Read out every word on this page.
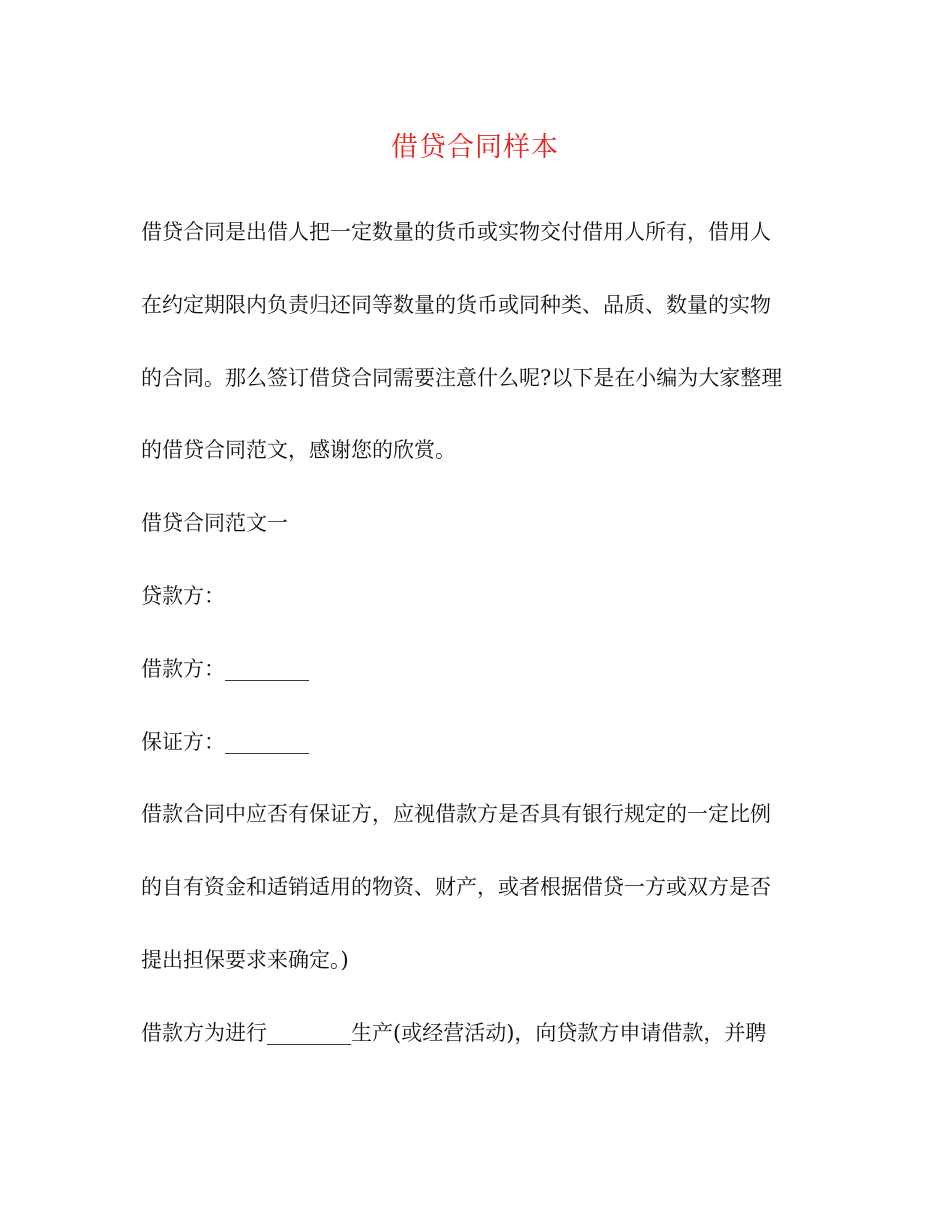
借贷合同样本
借贷合同是出借人把一定数量的货币或实物交付借用人所有，借用人
在约定期限内负责归还同等数量的货币或同种类、品质、数量的实物
的合同。那么签订借贷合同需要注意什么呢?以下是在小编为大家整理
的借贷合同范文，感谢您的欣赏。
借贷合同范文一
贷款方：
借款方：________
保证方：________
借款合同中应否有保证方，应视借款方是否具有银行规定的一定比例
的自有资金和适销适用的物资、财产，或者根据借贷一方或双方是否
提出担保要求来确定。)
借款方为进行________生产(或经营活动)，向贷款方申请借款，并聘
